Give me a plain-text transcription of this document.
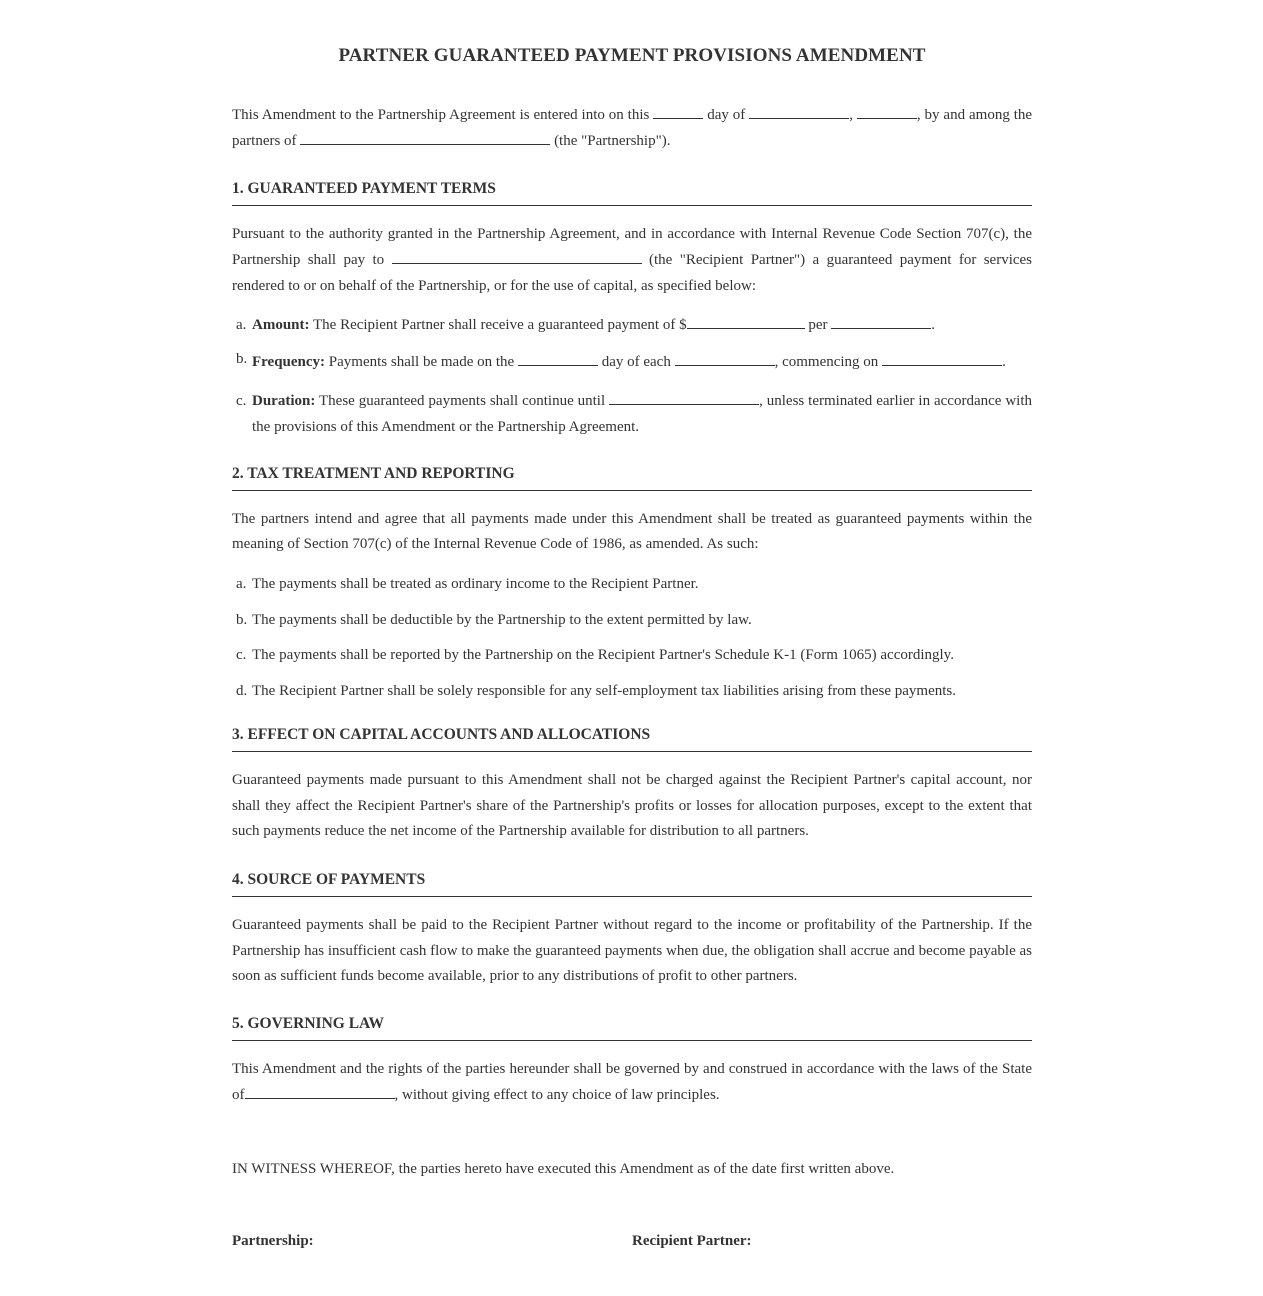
PARTNER GUARANTEED PAYMENT PROVISIONS AMENDMENT

This Amendment to the Partnership Agreement is entered into on this	day of	,	, by and among the partners of	(the "Partnership").

1. GUARANTEED PAYMENT TERMS

Pursuant to the authority granted in the Partnership Agreement, and in accordance with Internal Revenue Code Section 707(c), the Partnership shall pay to	(the "Recipient Partner") a guaranteed payment for services rendered to or on behalf of the Partnership, or for the use of capital, as specified below:

a. Amount: The Recipient Partner shall receive a guaranteed payment of $	per	.
b. Frequency: Payments shall be made on the	day of each	, commencing on	.
c. Duration: These guaranteed payments shall continue until	, unless terminated earlier in accordance with the provisions of this Amendment or the Partnership Agreement.
2. TAX TREATMENT AND REPORTING

The partners intend and agree that all payments made under this Amendment shall be treated as guaranteed payments within the meaning of Section 707(c) of the Internal Revenue Code of 1986, as amended. As such:

a. The payments shall be treated as ordinary income to the Recipient Partner.
b. The payments shall be deductible by the Partnership to the extent permitted by law.
c. The payments shall be reported by the Partnership on the Recipient Partner's Schedule K-1 (Form 1065) accordingly.
d. The Recipient Partner shall be solely responsible for any self-employment tax liabilities arising from these payments.
3. EFFECT ON CAPITAL ACCOUNTS AND ALLOCATIONS

Guaranteed payments made pursuant to this Amendment shall not be charged against the Recipient Partner's capital account, nor shall they affect the Recipient Partner's share of the Partnership's profits or losses for allocation purposes, except to the extent that such payments reduce the net income of the Partnership available for distribution to all partners.

4. SOURCE OF PAYMENTS

Guaranteed payments shall be paid to the Recipient Partner without regard to the income or profitability of the Partnership. If the Partnership has insufficient cash flow to make the guaranteed payments when due, the obligation shall accrue and become payable as soon as sufficient funds become available, prior to any distributions of profit to other partners.

5. GOVERNING LAW

This Amendment and the rights of the parties hereunder shall be governed by and construed in accordance with the laws of the State of	, without giving effect to any choice of law principles.

IN WITNESS WHEREOF, the parties hereto have executed this Amendment as of the date first written above.

Partnership:	Recipient Partner:
